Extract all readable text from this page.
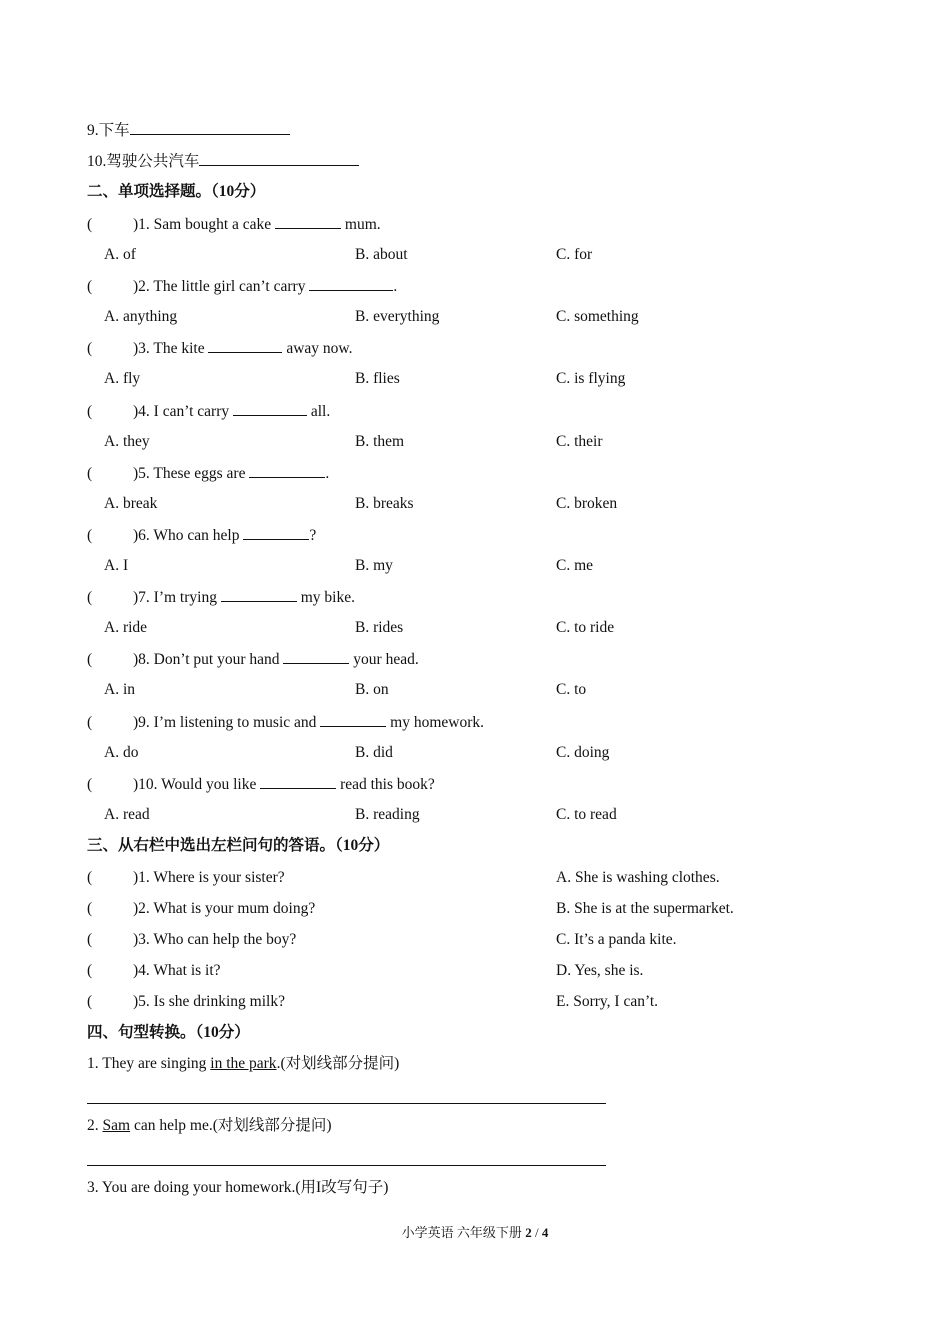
9.下车
10.驾驶公共汽车
二、单项选择题。（10分）
(	)1. Sam bought a cake	mum.
A. of	B. about	C. for
(	)2. The little girl can’t carry	.
A. anything	B. everything	C. something
(	)3. The kite	away now.
A. fly	B. flies	C. is flying
(	)4. I can’t carry	all.
A. they	B. them	C. their
(	)5. These eggs are	.
A. break	B. breaks	C. broken
(	)6. Who can help	?
A. I	B. my	C. me
(	)7. I’m trying	my bike.
A. ride	B. rides	C. to ride
(	)8. Don’t put your hand	your head.
A. in	B. on	C. to
(	)9. I’m listening to music and	my homework.
A. do	B. did	C. doing
(	)10. Would you like	read this book?
A. read	B. reading	C. to read
三、从右栏中选出左栏问句的答语。（10分）
(	)1. Where is your sister?	A. She is washing clothes.
(	)2. What is your mum doing?	B. She is at the supermarket.
(	)3. Who can help the boy?	C. It’s a panda kite.
(	)4. What is it?	D. Yes, she is.
(	)5. Is she drinking milk?	E. Sorry, I can’t.
四、句型转换。（10分）
1. They are singing in the park.(对划线部分提问)
2. Sam can help me.(对划线部分提问)
3. You are doing your homework.(用I改写句子)
小学英语 六年级下册 2 / 4
